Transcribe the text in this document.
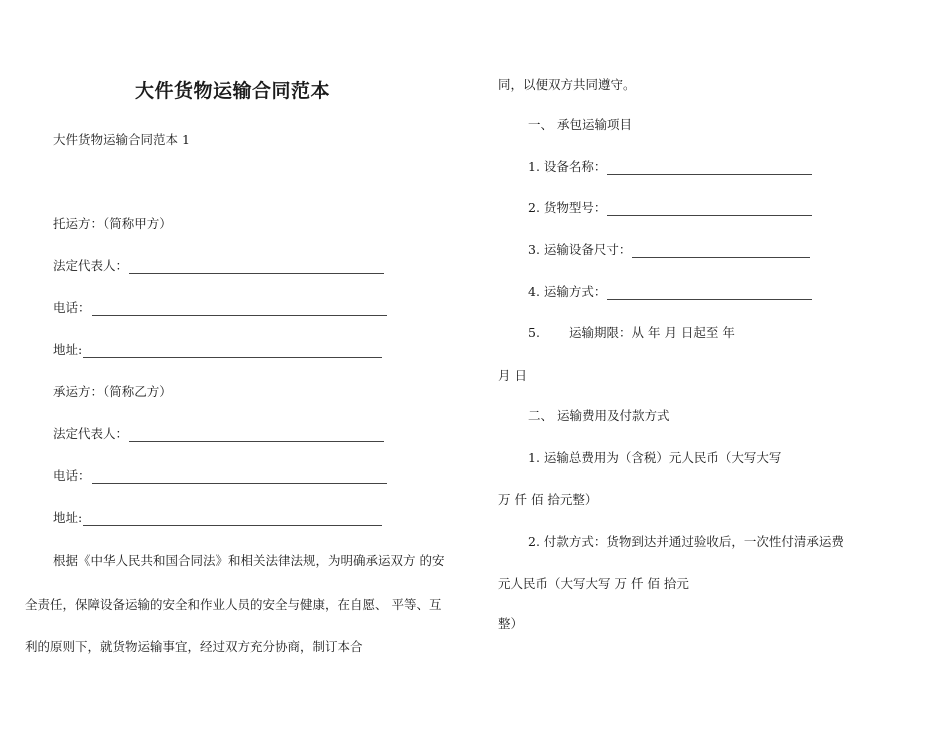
大件货物运输合同范本
大件货物运输合同范本 1
托运方：（简称甲方）
法定代表人：
电话：
地址:
承运方：（简称乙方）
法定代表人：
电话：
地址:
根据《中华人民共和国合同法》和相关法律法规，为明确承运双方 的安
全责任，保障设备运输的安全和作业人员的安全与健康，在自愿、 平等、互
利的原则下，就货物运输事宜，经过双方充分协商，制订本合
同，以便双方共同遵守。
一、 承包运输项目
1. 设备名称：
2. 货物型号：
3. 运输设备尺寸：
4. 运输方式：
5. 运输期限：从 年 月 日起至 年
月 日
二、 运输费用及付款方式
1. 运输总费用为（含税）元人民币（大写大写
万 仟 佰 拾元整）
2. 付款方式：货物到达并通过验收后，一次性付清承运费
元人民币（大写大写 万 仟 佰 拾元
整）
